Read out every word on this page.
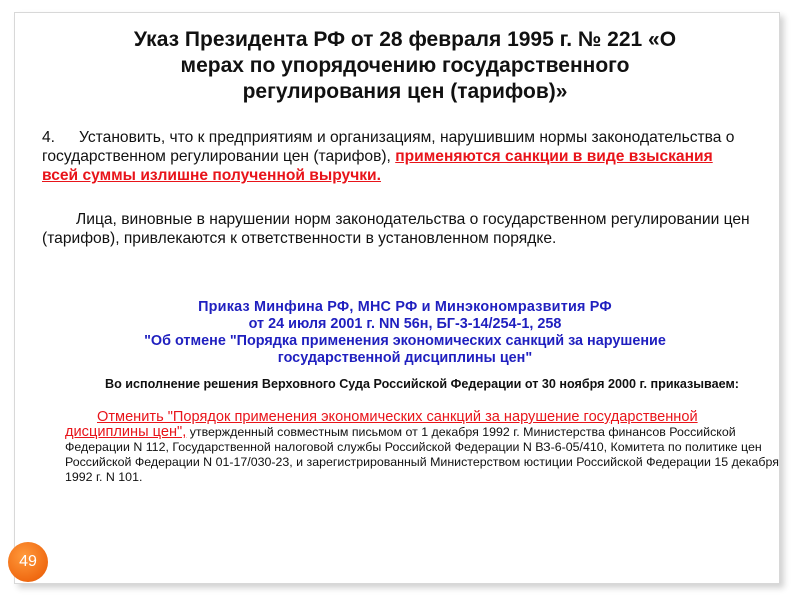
Указ Президента РФ от 28 февраля 1995 г. № 221 «О
мерах по упорядочению государственного
регулирования цен (тарифов)»

4. Установить, что к предприятиям и организациям, нарушившим нормы законодательства о государственном регулировании цен (тарифов), применяются санкции в виде взыскания всей суммы излишне полученной выручки.

Лица, виновные в нарушении норм законодательства о государственном регулировании цен (тарифов), привлекаются к ответственности в установленном порядке.

Приказ Минфина РФ, МНС РФ и Минэкономразвития РФ
от 24 июля 2001 г. NN 56н, БГ-3-14/254-1, 258
"Об отмене "Порядка применения экономических санкций за нарушение
государственной дисциплины цен"

Во исполнение решения Верховного Суда Российской Федерации от 30 ноября 2000 г. приказываем:

Отменить "Порядок применения экономических санкций за нарушение государственной дисциплины цен", утвержденный совместным письмом от 1 декабря 1992 г. Министерства финансов Российской Федерации N 112, Государственной налоговой службы Российской Федерации N ВЗ-6-05/410, Комитета по политике цен Российской Федерации N 01-17/030-23, и зарегистрированный Министерством юстиции Российской Федерации 15 декабря 1992 г. N 101.

49
